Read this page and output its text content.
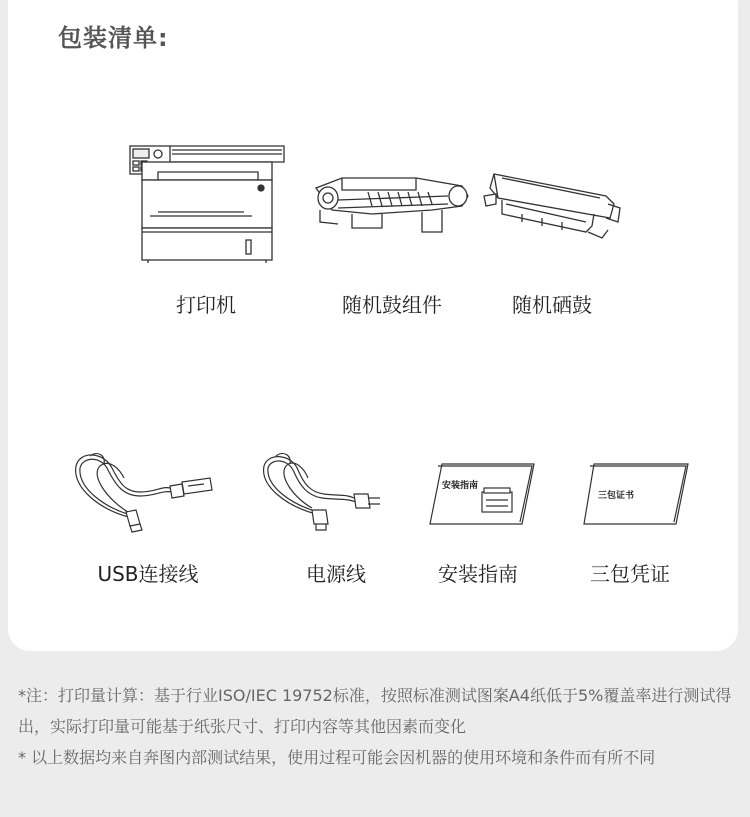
包装清单:
打印机	随机鼓组件	随机硒鼓
USB连接线	电源线
安装指南
安装指南
三包证书
三包凭证

*注：打印量计算：基于行业ISO/IEC 19752标准，按照标准测试图案A4纸低于5%覆盖率进行测试得出，实际打印量可能基于纸张尺寸、打印内容等其他因素而变化

* 以上数据均来自奔图内部测试结果，使用过程可能会因机器的使用环境和条件而有所不同
